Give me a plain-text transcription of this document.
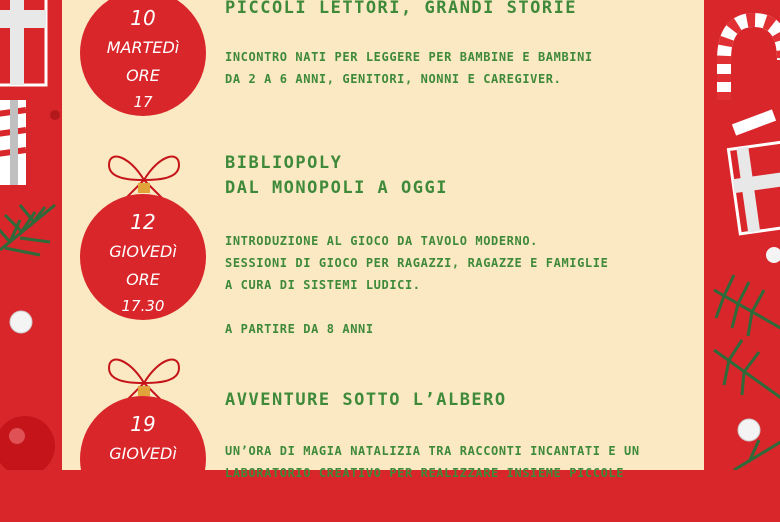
10
MARTEDì
ORE
17
PICCOLI LETTORI, GRANDI STORIE
INCONTRO NATI PER LEGGERE PER BAMBINE E BAMBINI
DA 2 A 6 ANNI, GENITORI, NONNI E CAREGIVER.
12
GIOVEDì
ORE
17.30
BIBLIOPOLY
DAL MONOPOLI A OGGI
INTRODUZIONE AL GIOCO DA TAVOLO MODERNO.
SESSIONI DI GIOCO PER RAGAZZI, RAGAZZE E FAMIGLIE
A CURA DI SISTEMI LUDICI.

A PARTIRE DA 8 ANNI
19
GIOVEDì
AVVENTURE SOTTO L’ALBERO
UN’ORA DI MAGIA NATALIZIA TRA RACCONTI INCANTATI E UN
LABORATORIO CREATIVO PER REALIZZARE INSIEME PICCOLE
